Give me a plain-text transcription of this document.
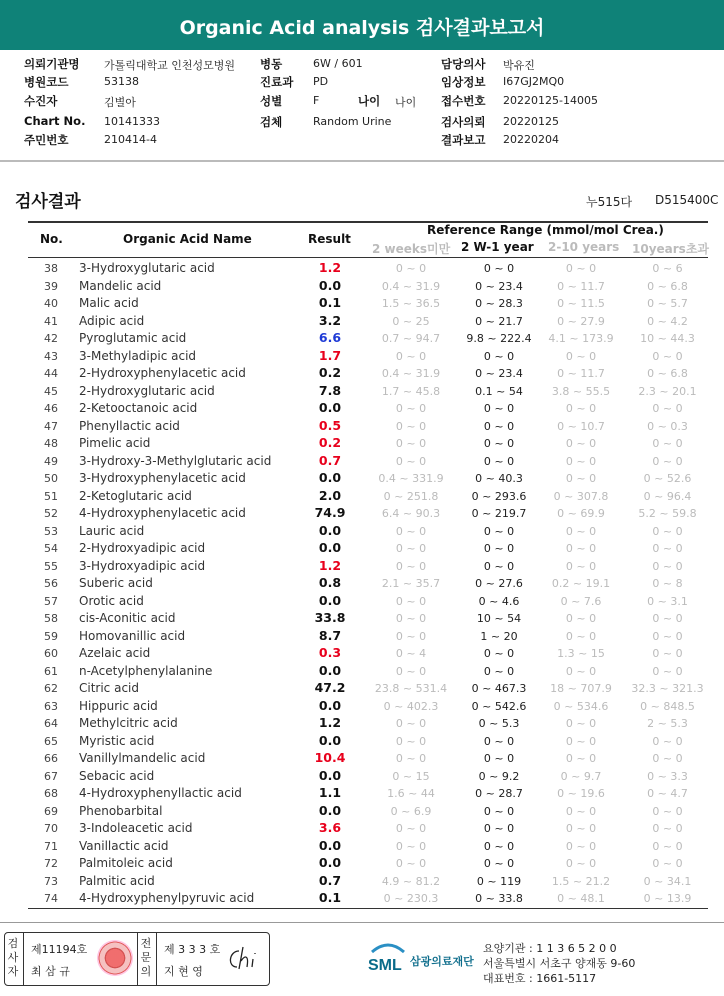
Organic Acid analysis 검사결과보고서
의뢰기관명 가톨릭대학교 인천성모병원
병원코드	53138
수진자	김별아
Chart No. 10141333
주민번호	210414-4
병동	6W / 601
진료과 PD
성별	F	나이 나이
검체	Random Urine
담당의사 박유진
임상정보 I67GJ2MQ0
접수번호 20220125-14005
검사의뢰 20220125
결과보고 20220204
검사결과	누515다 D515400C
No.	Organic Acid Name	Result
Reference Range (mmol/mol Crea.)
2 weeks미만 2 W-1 year 2-10 years 10years초과
38	3-Hydroxyglutaric acid	1.2	0 ~ 0	0 ~ 0	0 ~ 0	0 ~ 6
39	Mandelic acid	0.0	0.4 ~ 31.9	0 ~ 23.4	0 ~ 11.7	0 ~ 6.8
40	Malic acid	0.1	1.5 ~ 36.5	0 ~ 28.3	0 ~ 11.5	0 ~ 5.7
41	Adipic acid	3.2	0 ~ 25	0 ~ 21.7	0 ~ 27.9	0 ~ 4.2
42	Pyroglutamic acid	6.6	0.7 ~ 94.7	9.8 ~ 222.4	4.1 ~ 173.9	10 ~ 44.3
43	3-Methyladipic acid	1.7	0 ~ 0	0 ~ 0	0 ~ 0	0 ~ 0
44	2-Hydroxyphenylacetic acid	0.2	0.4 ~ 31.9	0 ~ 23.4	0 ~ 11.7	0 ~ 6.8
45	2-Hydroxyglutaric acid	7.8	1.7 ~ 45.8	0.1 ~ 54	3.8 ~ 55.5	2.3 ~ 20.1
46	2-Ketooctanoic acid	0.0	0 ~ 0	0 ~ 0	0 ~ 0	0 ~ 0
47	Phenyllactic acid	0.5	0 ~ 0	0 ~ 0	0 ~ 10.7	0 ~ 0.3
48	Pimelic acid	0.2	0 ~ 0	0 ~ 0	0 ~ 0	0 ~ 0
49	3-Hydroxy-3-Methylglutaric acid	0.7	0 ~ 0	0 ~ 0	0 ~ 0	0 ~ 0
50	3-Hydroxyphenylacetic acid	0.0	0.4 ~ 331.9	0 ~ 40.3	0 ~ 0	0 ~ 52.6
51	2-Ketoglutaric acid	2.0	0 ~ 251.8	0 ~ 293.6	0 ~ 307.8	0 ~ 96.4
52	4-Hydroxyphenylacetic acid	74.9	6.4 ~ 90.3	0 ~ 219.7	0 ~ 69.9	5.2 ~ 59.8
53	Lauric acid	0.0	0 ~ 0	0 ~ 0	0 ~ 0	0 ~ 0
54	2-Hydroxyadipic acid	0.0	0 ~ 0	0 ~ 0	0 ~ 0	0 ~ 0
55	3-Hydroxyadipic acid	1.2	0 ~ 0	0 ~ 0	0 ~ 0	0 ~ 0
56	Suberic acid	0.8	2.1 ~ 35.7	0 ~ 27.6	0.2 ~ 19.1	0 ~ 8
57	Orotic acid	0.0	0 ~ 0	0 ~ 4.6	0 ~ 7.6	0 ~ 3.1
58	cis-Aconitic acid	33.8	0 ~ 0	10 ~ 54	0 ~ 0	0 ~ 0
59	Homovanillic acid	8.7	0 ~ 0	1 ~ 20	0 ~ 0	0 ~ 0
60	Azelaic acid	0.3	0 ~ 4	0 ~ 0	1.3 ~ 15	0 ~ 0
61	n-Acetylphenylalanine	0.0	0 ~ 0	0 ~ 0	0 ~ 0	0 ~ 0
62	Citric acid	47.2	23.8 ~ 531.4	0 ~ 467.3	18 ~ 707.9	32.3 ~ 321.3
63	Hippuric acid	0.0	0 ~ 402.3	0 ~ 542.6	0 ~ 534.6	0 ~ 848.5
64	Methylcitric acid	1.2	0 ~ 0	0 ~ 5.3	0 ~ 0	2 ~ 5.3
65	Myristic acid	0.0	0 ~ 0	0 ~ 0	0 ~ 0	0 ~ 0
66	Vanillylmandelic acid	10.4	0 ~ 0	0 ~ 0	0 ~ 0	0 ~ 0
67	Sebacic acid	0.0	0 ~ 15	0 ~ 9.2	0 ~ 9.7	0 ~ 3.3
68	4-Hydroxyphenyllactic acid	1.1	1.6 ~ 44	0 ~ 28.7	0 ~ 19.6	0 ~ 4.7
69	Phenobarbital	0.0	0 ~ 6.9	0 ~ 0	0 ~ 0	0 ~ 0
70	3-Indoleacetic acid	3.6	0 ~ 0	0 ~ 0	0 ~ 0	0 ~ 0
71	Vanillactic acid	0.0	0 ~ 0	0 ~ 0	0 ~ 0	0 ~ 0
72	Palmitoleic acid	0.0	0 ~ 0	0 ~ 0	0 ~ 0	0 ~ 0
73	Palmitic acid	0.7	4.9 ~ 81.2	0 ~ 119	1.5 ~ 21.2	0 ~ 34.1
74	4-Hydroxyphenylpyruvic acid	0.1	0 ~ 230.3	0 ~ 33.8	0 ~ 48.1	0 ~ 13.9
검사자
제11194호
최 삼 규
전문의
제 3 3 3 호
지 현 영	SML 삼광의료재단
요양기관 : 1 1 3 6 5 2 0 0
서울특별시 서초구 양재동 9-60
대표번호 : 1661-5117
